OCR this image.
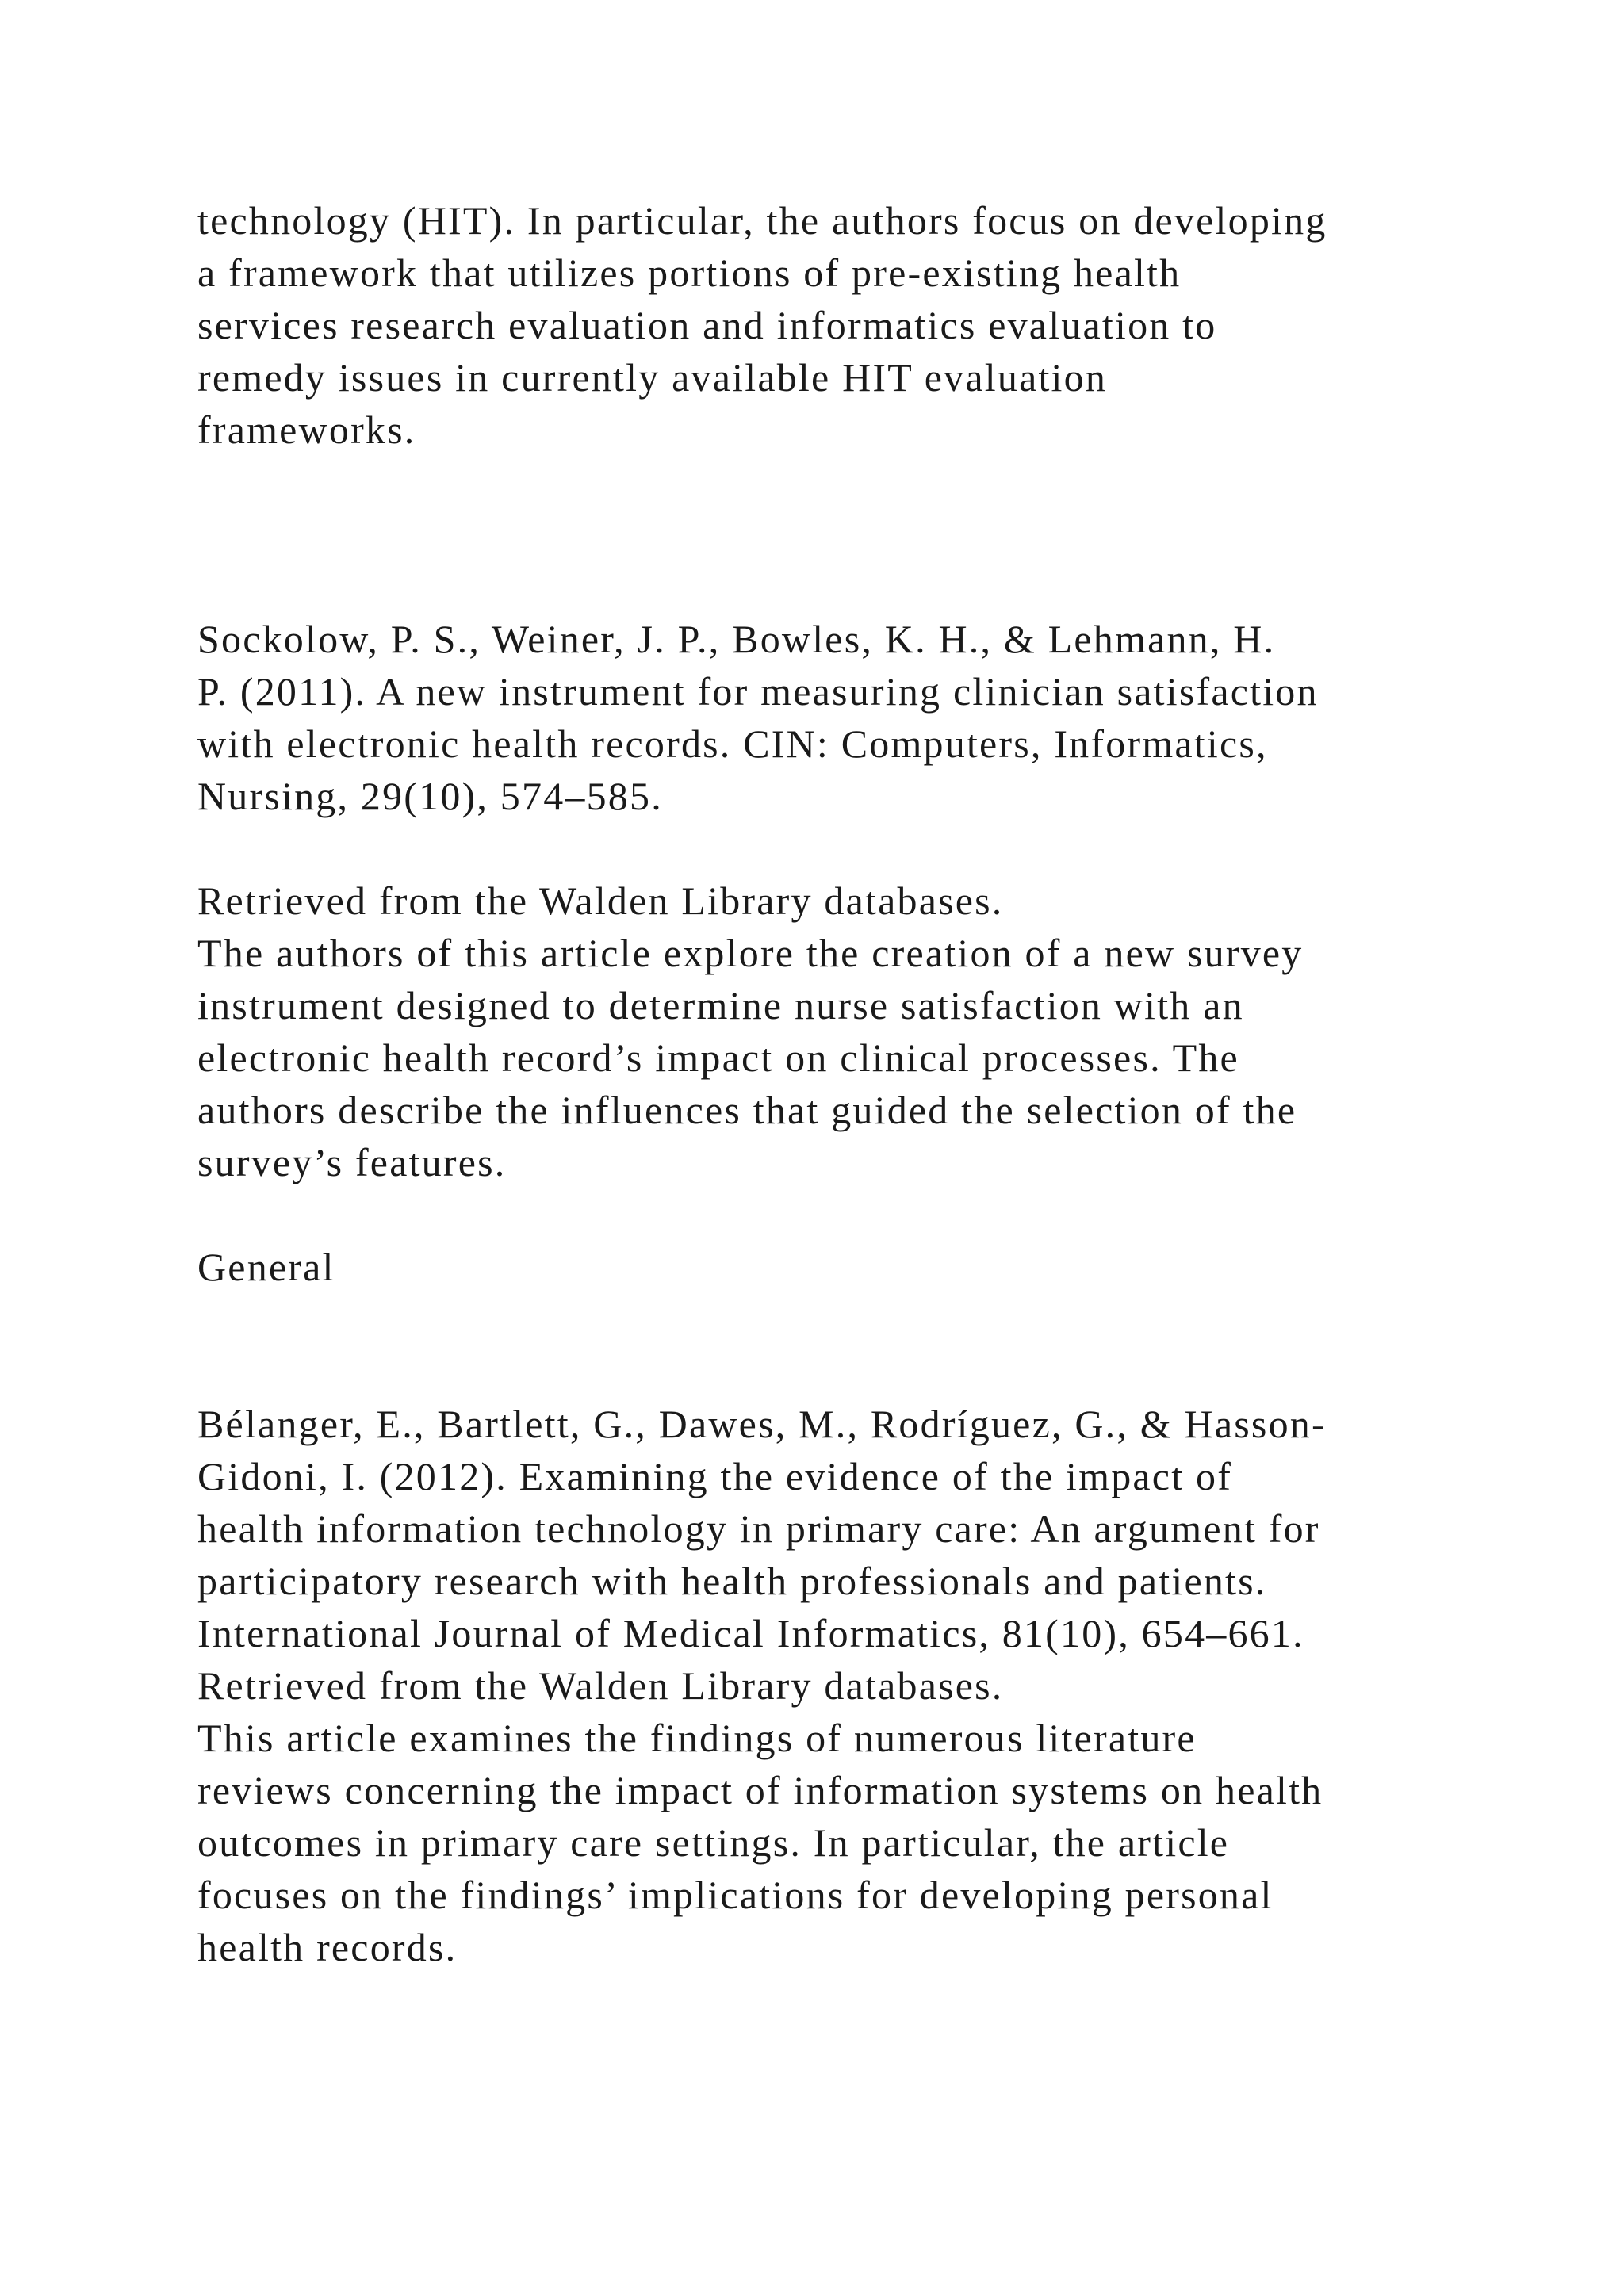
technology (HIT). In particular, the authors focus on developing

a framework that utilizes portions of pre-existing health

services research evaluation and informatics evaluation to

remedy issues in currently available HIT evaluation

frameworks.

Sockolow, P. S., Weiner, J. P., Bowles, K. H., & Lehmann, H.

P. (2011). A new instrument for measuring clinician satisfaction

with electronic health records. CIN: Computers, Informatics,

Nursing, 29(10), 574–585.

Retrieved from the Walden Library databases.

The authors of this article explore the creation of a new survey

instrument designed to determine nurse satisfaction with an

electronic health record’s impact on clinical processes. The

authors describe the influences that guided the selection of the

survey’s features.

General

Bélanger, E., Bartlett, G., Dawes, M., Rodríguez, G., & Hasson-

Gidoni, I. (2012). Examining the evidence of the impact of

health information technology in primary care: An argument for

participatory research with health professionals and patients.

International Journal of Medical Informatics, 81(10), 654–661.

Retrieved from the Walden Library databases.

This article examines the findings of numerous literature

reviews concerning the impact of information systems on health

outcomes in primary care settings. In particular, the article

focuses on the findings’ implications for developing personal

health records.
